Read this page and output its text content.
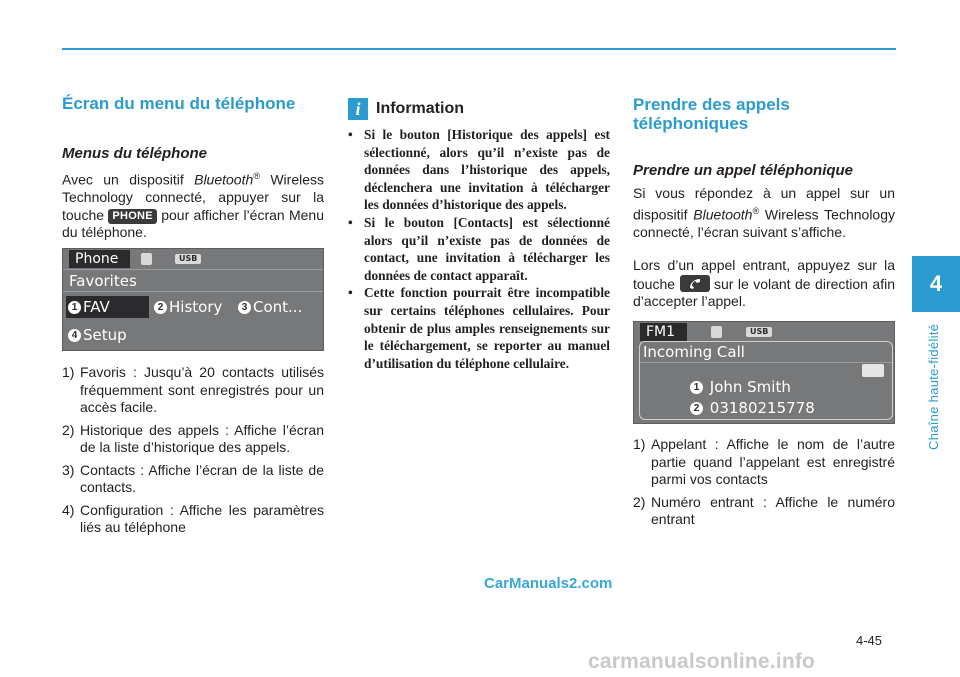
4
Chaîne haute-fidélité
Écran du menu du téléphone
Menus du téléphone

Avec un dispositif Bluetooth® Wireless Technology connecté, appuyer sur la touche PHONE pour afficher l’écran Menu du téléphone.

Phone	USB
Favorites
1 FAV	2 History	3 Cont...
4 Setup
1) Favoris : Jusqu’à 20 contacts utilisés fréquemment sont enregistrés pour un accès facile.
2) Historique des appels : Affiche l’écran de la liste d’historique des appels.
3) Contacts : Affiche l’écran de la liste de contacts.
4) Configuration : Affiche les paramètres liés au téléphone
i Information
• Si le bouton [Historique des appels] est sélectionné, alors qu’il n’existe pas de données dans l’historique des appels, déclenchera une invitation à télécharger les données d’historique des appels.
• Si le bouton [Contacts] est sélectionné alors qu’il n’existe pas de données de contact, une invitation à télécharger les données de contact apparaît.
• Cette fonction pourrait être incompatible sur certains téléphones cellulaires. Pour obtenir de plus amples renseignements sur le téléchargement, se reporter au manuel d’utilisation du téléphone cellulaire.
Prendre des appels téléphoniques
Prendre un appel téléphonique

Si vous répondez à un appel sur un dispositif Bluetooth® Wireless Technology connecté, l’écran suivant s’affiche.

Lors d’un appel entrant, appuyez sur la touche
sur le volant de direction afin d’accepter l’appel.

FM1	USB
Incoming Call
1 John Smith
2 03180215778
1) Appelant : Affiche le nom de l’autre partie quand l’appelant est enregistré parmi vos contacts
2) Numéro entrant : Affiche le numéro entrant
CarManuals2.com
4-45
carmanualsonline.info
